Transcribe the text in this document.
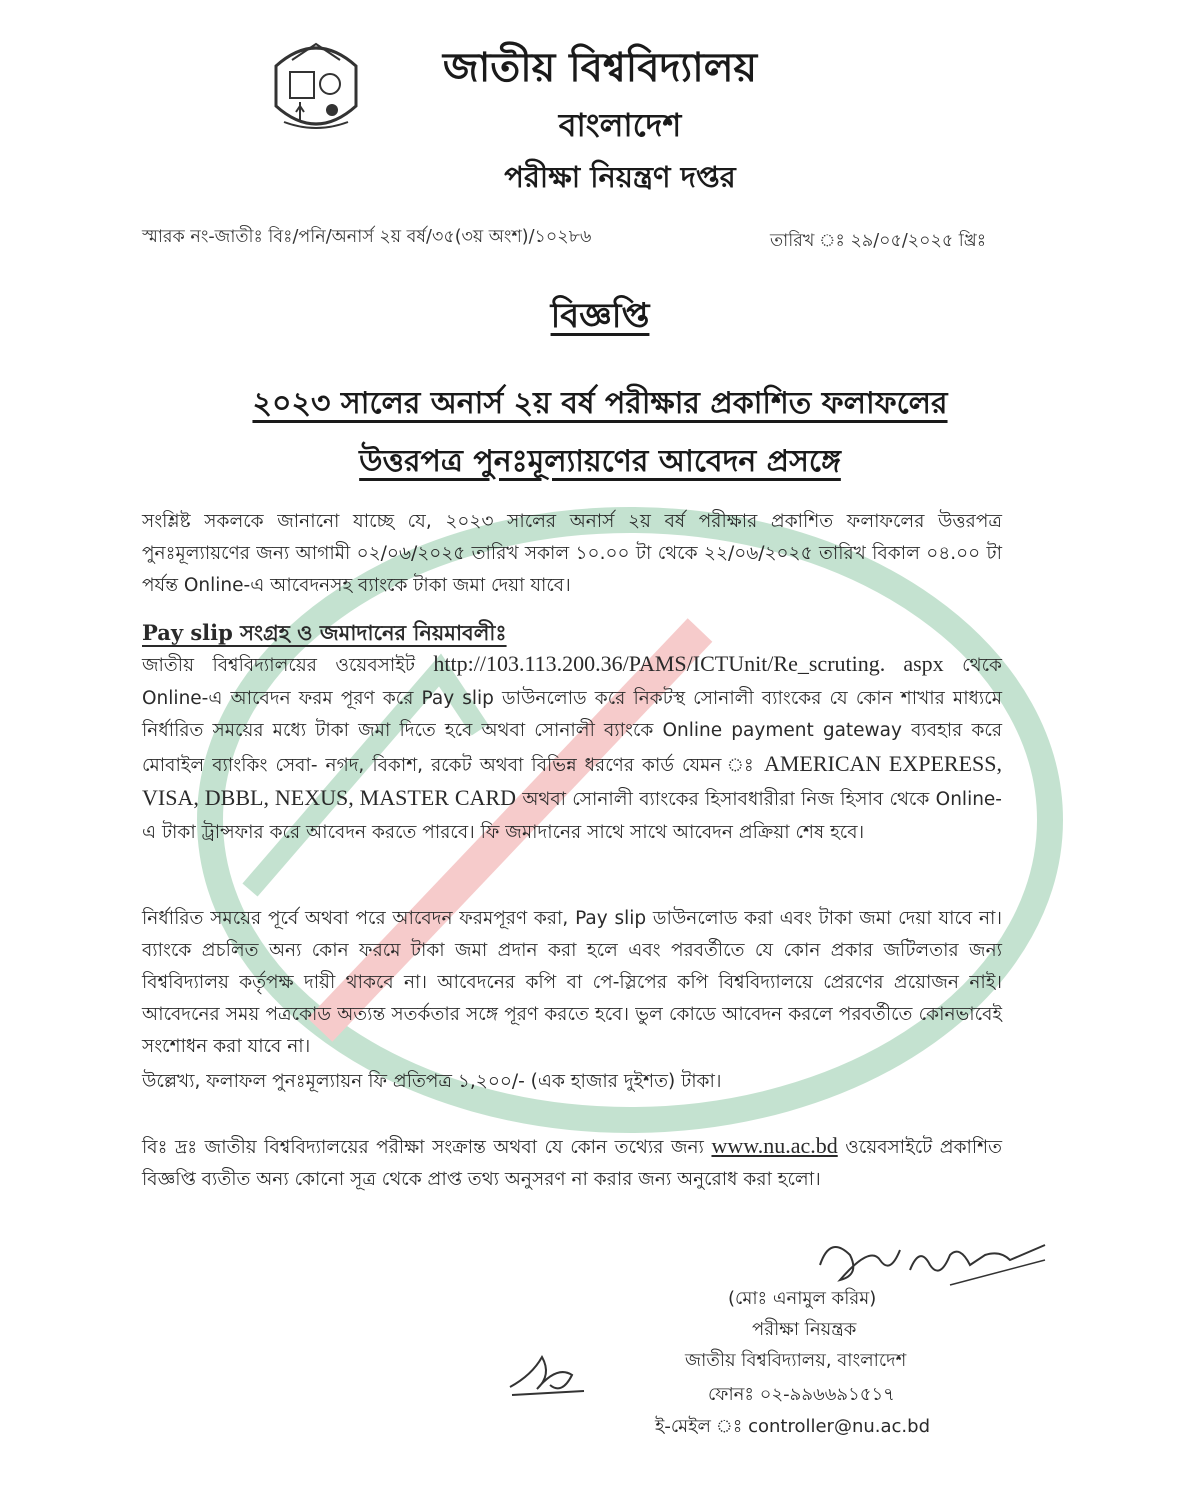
জাতীয় বিশ্ববিদ্যালয়
বাংলাদেশ
পরীক্ষা নিয়ন্ত্রণ দপ্তর
স্মারক নং-জাতীঃ বিঃ/পনি/অনার্স ২য় বর্ষ/৩৫(৩য় অংশ)/১০২৮৬	তারিখ ঃ ২৯/০৫/২০২৫ খ্রিঃ
বিজ্ঞপ্তি
২০২৩ সালের অনার্স ২য় বর্ষ পরীক্ষার প্রকাশিত ফলাফলের
উত্তরপত্র পুনঃমূল্যায়ণের আবেদন প্রসঙ্গে
সংশ্লিষ্ট সকলকে জানানো যাচ্ছে যে, ২০২৩ সালের অনার্স ২য় বর্ষ পরীক্ষার প্রকাশিত ফলাফলের উত্তরপত্র পুনঃমূল্যায়ণের জন্য আগামী ০২/০৬/২০২৫ তারিখ সকাল ১০.০০ টা থেকে ২২/০৬/২০২৫ তারিখ বিকাল ০৪.০০ টা পর্যন্ত Online-এ আবেদনসহ ব্যাংকে টাকা জমা দেয়া যাবে।
Pay slip সংগ্রহ ও জমাদানের নিয়মাবলীঃ
জাতীয় বিশ্ববিদ্যালয়ের ওয়েবসাইট http://103.113.200.36/PAMS/ICTUnit/Re_scruting. aspx থেকে Online-এ আবেদন ফরম পূরণ করে Pay slip ডাউনলোড করে নিকটস্থ সোনালী ব্যাংকের যে কোন শাখার মাধ্যমে নির্ধারিত সময়ের মধ্যে টাকা জমা দিতে হবে অথবা সোনালী ব্যাংকে Online payment gateway ব্যবহার করে মোবাইল ব্যাংকিং সেবা- নগদ, বিকাশ, রকেট অথবা বিভিন্ন ধরণের কার্ড যেমন ঃ AMERICAN EXPERESS, VISA, DBBL, NEXUS, MASTER CARD অথবা সোনালী ব্যাংকের হিসাবধারীরা নিজ হিসাব থেকে Online-এ টাকা ট্রান্সফার করে আবেদন করতে পারবে। ফি জমাদানের সাথে সাথে আবেদন প্রক্রিয়া শেষ হবে।
নির্ধারিত সময়ের পূর্বে অথবা পরে আবেদন ফরমপূরণ করা, Pay slip ডাউনলোড করা এবং টাকা জমা দেয়া যাবে না। ব্যাংকে প্রচলিত অন্য কোন ফরমে টাকা জমা প্রদান করা হলে এবং পরবর্তীতে যে কোন প্রকার জটিলতার জন্য বিশ্ববিদ্যালয় কর্তৃপক্ষ দায়ী থাকবে না। আবেদনের কপি বা পে-স্লিপের কপি বিশ্ববিদ্যালয়ে প্রেরণের প্রয়োজন নাই। আবেদনের সময় পত্রকোড অত্যন্ত সতর্কতার সঙ্গে পূরণ করতে হবে। ভুল কোডে আবেদন করলে পরবর্তীতে কোনভাবেই সংশোধন করা যাবে না।
উল্লেখ্য, ফলাফল পুনঃমূল্যায়ন ফি প্রতিপত্র ১,২০০/- (এক হাজার দুইশত) টাকা।
বিঃ দ্রঃ জাতীয় বিশ্ববিদ্যালয়ের পরীক্ষা সংক্রান্ত অথবা যে কোন তথ্যের জন্য www.nu.ac.bd ওয়েবসাইটে প্রকাশিত বিজ্ঞপ্তি ব্যতীত অন্য কোনো সূত্র থেকে প্রাপ্ত তথ্য অনুসরণ না করার জন্য অনুরোধ করা হলো।
(মোঃ এনামুল করিম)
পরীক্ষা নিয়ন্ত্রক
জাতীয় বিশ্ববিদ্যালয়, বাংলাদেশ
ফোনঃ ০২-৯৯৬৬৯১৫১৭
ই-মেইল ঃ controller@nu.ac.bd
